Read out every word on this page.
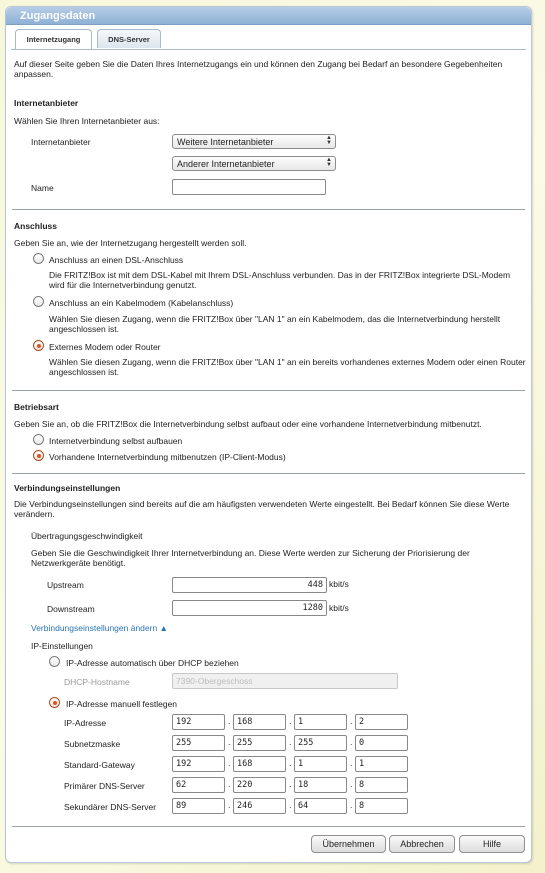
Zugangsdaten
Internetzugang	DNS-Server
Auf dieser Seite geben Sie die Daten Ihres Internetzugangs ein und können den Zugang bei Bedarf an besondere Gegebenheiten anpassen.
Internetanbieter
Wählen Sie Ihren Internetanbieter aus:
Internetanbieter	Weitere Internetanbieter	▲
▼
Anderer Internetanbieter	▲
▼
Name
Anschluss
Geben Sie an, wie der Internetzugang hergestellt werden soll.
Anschluss an einen DSL-Anschluss
Die FRITZ!Box ist mit dem DSL-Kabel mit Ihrem DSL-Anschluss verbunden. Das in der FRITZ!Box integrierte DSL-Modem wird für die Internetverbindung genutzt.
Anschluss an ein Kabelmodem (Kabelanschluss)
Wählen Sie diesen Zugang, wenn die FRITZ!Box über "LAN 1" an ein Kabelmodem, das die Internetverbindung herstellt angeschlossen ist.
Externes Modem oder Router
Wählen Sie diesen Zugang, wenn die FRITZ!Box über "LAN 1" an ein bereits vorhandenes externes Modem oder einen Router angeschlossen ist.
Betriebsart
Geben Sie an, ob die FRITZ!Box die Internetverbindung selbst aufbaut oder eine vorhandene Internetverbindung mitbenutzt.
Internetverbindung selbst aufbauen
Vorhandene Internetverbindung mitbenutzen (IP-Client-Modus)
Verbindungseinstellungen
Die Verbindungseinstellungen sind bereits auf die am häufigsten verwendeten Werte eingestellt. Bei Bedarf können Sie diese Werte verändern.
Übertragungsgeschwindigkeit
Geben Sie die Geschwindigkeit Ihrer Internetverbindung an. Diese Werte werden zur Sicherung der Priorisierung der Netzwerkgeräte benötigt.
Upstream	448 kbit/s
Downstream	1280 kbit/s
Verbindungseinstellungen ändern ▲
IP-Einstellungen
IP-Adresse automatisch über DHCP beziehen
DHCP-Hostname	7390-Obergeschoss
IP-Adresse manuell festlegen
IP-Adresse	192	. 168	. 1	. 2
Subnetzmaske	255	. 255	. 255	. 0
Standard-Gateway	192	. 168	. 1	. 1
Primärer DNS-Server	62	. 220	. 18	. 8
Sekundärer DNS-Server	89	. 246	. 64	. 8
Übernehmen	Abbrechen	Hilfe
